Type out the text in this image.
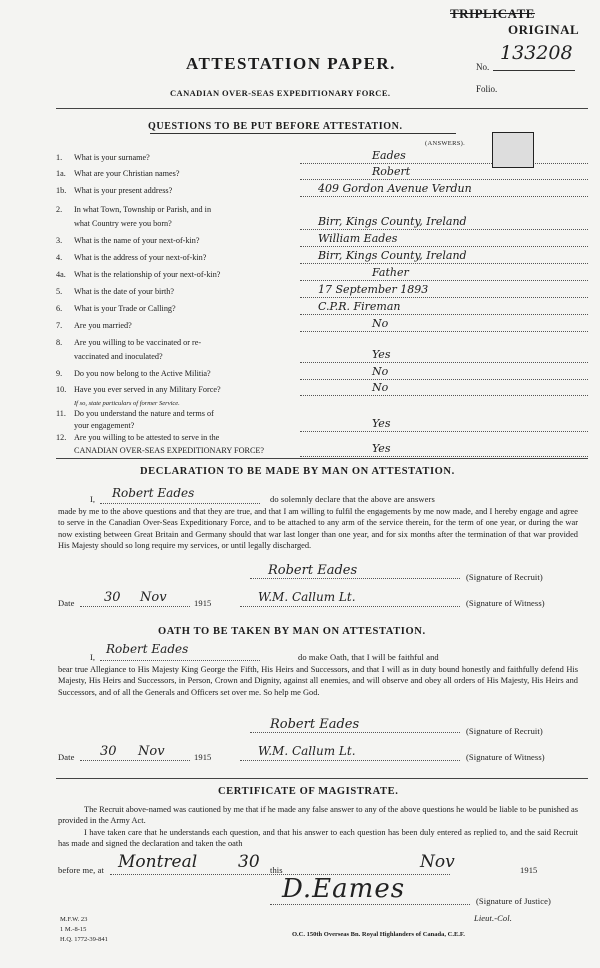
TRIPLICATE
ORIGINAL
No.
133208
Folio.
ATTESTATION PAPER.
CANADIAN OVER-SEAS EXPEDITIONARY FORCE.
QUESTIONS TO BE PUT BEFORE ATTESTATION.
(ANSWERS).
1. What is your surname?	Eades
1a. What are your Christian names?	Robert
1b. What is your present address?	409 Gordon Avenue Verdun
2. In what Town, Township or Parish, and in
what Country were you born?	Birr, Kings County, Ireland
3. What is the name of your next-of-kin?	William Eades
4. What is the address of your next-of-kin?	Birr, Kings County, Ireland
4a. What is the relationship of your next-of-kin?	Father
5. What is the date of your birth?	17 September 1893
6. What is your Trade or Calling?	C.P.R. Fireman
7. Are you married?	No
8. Are you willing to be vaccinated or re-
vaccinated and inoculated?	Yes
9. Do you now belong to the Active Militia?	No
10. Have you ever served in any Military Force?	No
If so, state particulars of former Service.
11. Do you understand the nature and terms of
your engagement?	Yes
12. Are you willing to be attested to serve in the
CANADIAN OVER-SEAS EXPEDITIONARY FORCE?	Yes
DECLARATION TO BE MADE BY MAN ON ATTESTATION.
I, Robert Eades	do solemnly declare that the above are answers
made by me to the above questions and that they are true, and that I am willing to fulfil the engagements by me now made, and I hereby engage and agree to serve in the Canadian Over-Seas Expeditionary Force, and to be attached to any arm of the service therein, for the term of one year, or during the war now existing between Great Britain and Germany should that war last longer than one year, and for six months after the termination of that war provided His Majesty should so long require my services, or until legally discharged.
Robert Eades	(Signature of Recruit)
Date 30 Nov	1915	W.M. Callum Lt.	(Signature of Witness)
OATH TO BE TAKEN BY MAN ON ATTESTATION.
I,
Robert Eades
do make Oath, that I will be faithful and
bear true Allegiance to His Majesty King George the Fifth, His Heirs and Successors, and that I will as in duty bound honestly and faithfully defend His Majesty, His Heirs and Successors, in Person, Crown and Dignity, against all enemies, and will observe and obey all orders of His Majesty, His Heirs and Successors, and of all the Generals and Officers set over me. So help me God.
Robert Eades	(Signature of Recruit)
Date 30 Nov	1915	W.M. Callum Lt.	(Signature of Witness)
CERTIFICATE OF MAGISTRATE.
The Recruit above-named was cautioned by me that if he made any false answer to any of the above questions he would be liable to be punished as provided in the Army Act.
I have taken care that he understands each question, and that his answer to each question has been duly entered as replied to, and the said Recruit has made and signed the declaration and taken the oath
before me, at Montreal 30 this	Nov	1915
D.Eames	(Signature of Justice)
Lieut.-Col.
O.C. 150th Overseas Bn. Royal Highlanders of Canada, C.E.F.
M.F.W. 23
1 M.-8-15
H.Q. 1772-39-841
